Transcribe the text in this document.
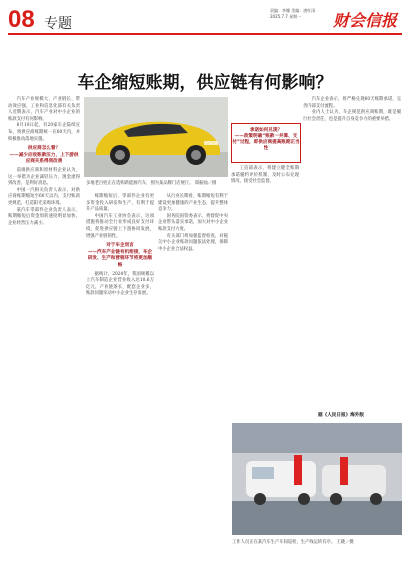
08 专题
责编：李娜 美编：唐红雨
2025.7.7 星期一	财会信报
车企缩短账期，供应链有何影响？

汽车产业规模大、产业链长、带动效应强，工业和信息化部有关负责人近期表示，汽车产业对中小企业的账款支付有何影响。

6月10日起，有20家车企陆续宣布，将供应商账期统一在60天内，并积极推动落地实施。

供应商怎么看？
——减少应收账款压力，上下游供应商关系得到改善

前端供应商和原材料企业认为，这一举措为企业减轻压力、现金流得到改善，是利好消息。

中国一汽相关负责人表示，对供应商账期缩短至60天以内，支付账款更规范，打造阳光采购环境。

某汽车零部件企业负责人表示，账期缩短后资金周转速度明显加快，企业经营压力减小。

多地老百姓正在选购新能源汽车，图为某品牌门店展厅。 郑振灿／摄

账期缩短后，零部件企业有更多资金投入研发和生产，有利于提升产品质量。

中国汽车工业协会表示，这项措施将推动全行业形成良好支付环境，促进供应链上下游协同发展，增强产业链韧性。

对于车企而言
——汽车产业链有机衔接，车企研发、生产和营销环节将更加顺畅

据统计，2024年，我国规模以上汽车制造企业营业收入达10.6万亿元，产业链条长、配套企业多，账款问题牵动中小企业生存发展。

从行业长期看，账期缩短有利于建设更加健康的产业生态，提升整体竞争力。

国务院国资委表示，将督促中央企业带头落实承诺，加大对中小企业账款支付力度。

有关部门将加强监督检查，对拖欠中小企业账款问题依法处理，保障中小企业合法权益。

承诺如何兑现？
——政策明确“账款一并算、支付”过程，即供应商提高账期正当性

工信部表示，将建立健全账期承诺履约评价机制，及时公布兑现情况，接受社会监督。

汽车企业表示，将严格兑现60天账期承诺，完善内部支付流程。

业内人士认为，车企规范供应商账期，既是履行社会责任，也是提升自身竞争力的重要举措。

据《人民日报》海外版
工作人员正在某汽车生产车间巡检，生产线运转有序。 王晓／摄
